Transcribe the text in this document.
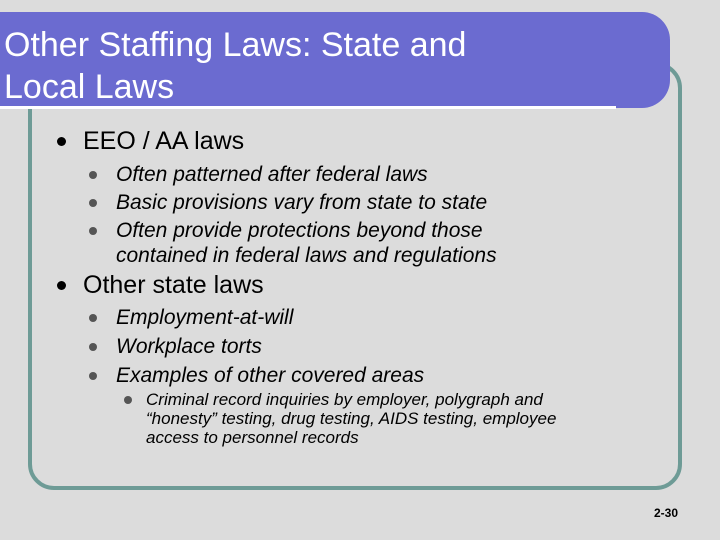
Other Staffing Laws: State and
Local Laws
EEO / AA laws
Often patterned after federal laws
Basic provisions vary from state to state
Often provide protections beyond those
contained in federal laws and regulations
Other state laws
Employment-at-will
Workplace torts
Examples of other covered areas
Criminal record inquiries by employer, polygraph and
“honesty” testing, drug testing, AIDS testing, employee
access to personnel records
2-30
